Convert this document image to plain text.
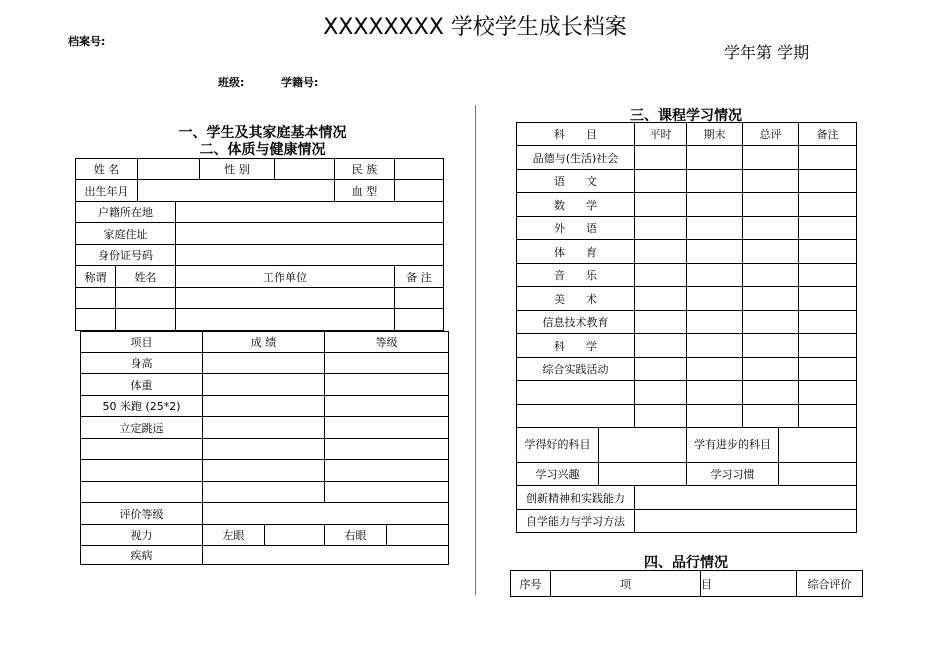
XXXXXXXX 学校学生成长档案
档案号:
学年第 学期
班级:	学籍号:
一、学生及其家庭基本情况
二、体质与健康情况
姓 名				性 别		民 族	
出生年月						血 型	
户籍所在地							
家庭住址							
身份证号码							
称谓	姓名		工作单位				备 注

项目	成 绩		等级	
身高				
体重				
50 米跑 (25*2)				
立定跳远				

评价等级				
视力	左眼		右眼	
疾病				
三、课程学习情况
科      目	平时	期末	总评	备注
品德与(生活)社会				
语      文				
数      学				
外      语				
体      育				
音      乐				
美      术				
信息技术教育				
科      学				
综合实践活动				

学得好的科目			学有进步的科目	
学习兴趣			学习习惯	
创新精神和实践能力				
自学能力与学习方法				
四、品行情况
序号	项	目	综合评价
